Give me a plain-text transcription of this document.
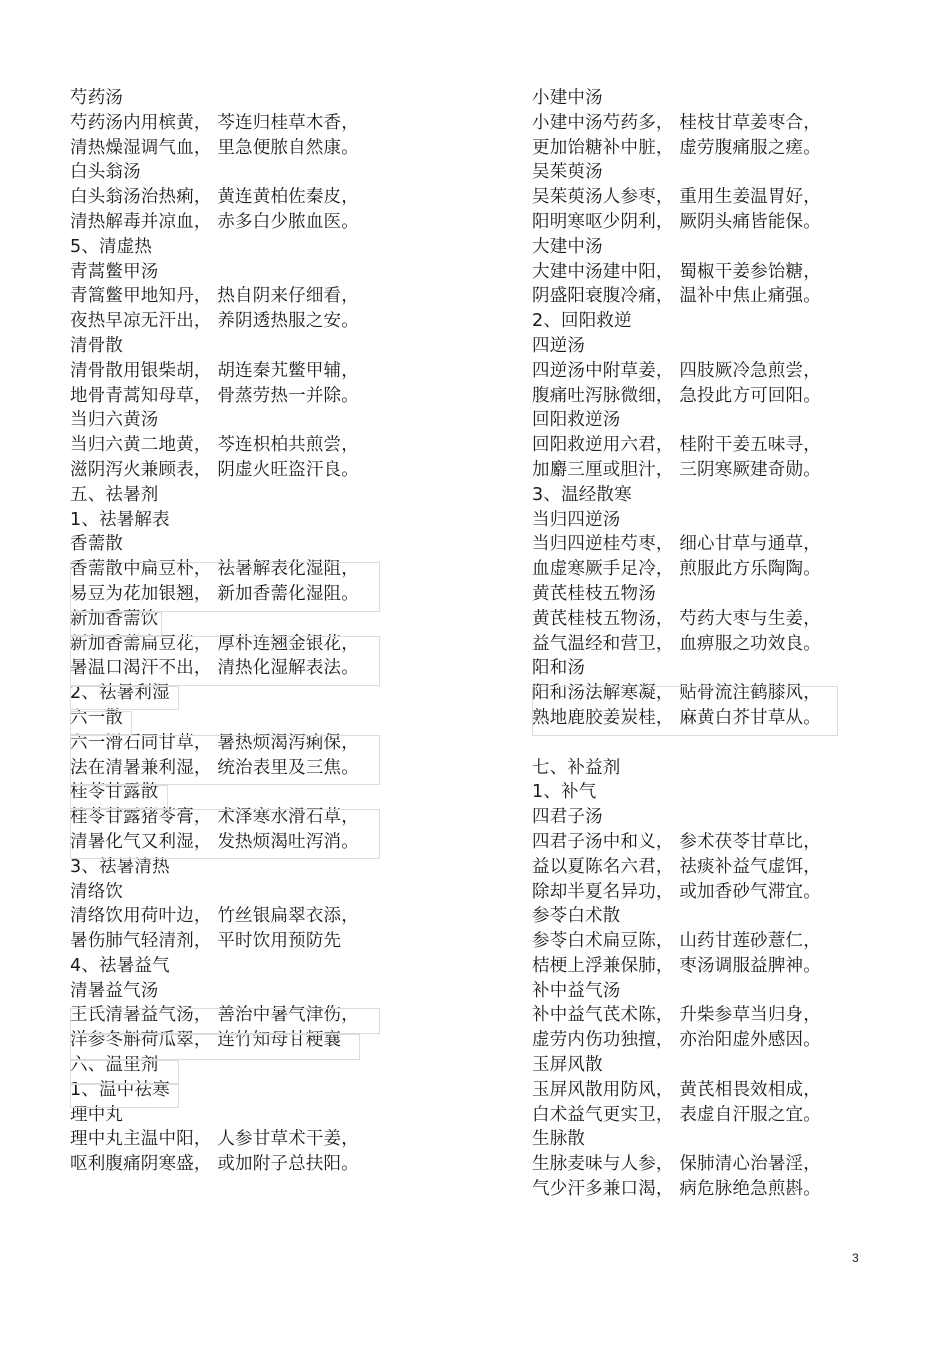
芍药汤
芍药汤内用槟黄， 芩连归桂草木香，
清热燥湿调气血， 里急便脓自然康。
白头翁汤
白头翁汤治热痢， 黄连黄柏佐秦皮，
清热解毒并凉血， 赤多白少脓血医。
5、清虚热
青蒿鳖甲汤
青篙鳖甲地知丹， 热自阴来仔细看，
夜热早凉无汗出， 养阴透热服之安。
清骨散
清骨散用银柴胡， 胡连秦艽鳖甲辅，
地骨青蒿知母草， 骨蒸劳热一并除。
当归六黄汤
当归六黄二地黄， 芩连枳柏共煎尝，
滋阴泻火兼顾表， 阴虚火旺盗汗良。
五、祛暑剂
1、祛暑解表
香薷散
香薷散中扁豆朴， 祛暑解表化湿阻，
易豆为花加银翘， 新加香薷化湿阻。
新加香薷饮
新加香薷扁豆花， 厚朴连翘金银花，
暑温口渴汗不出， 清热化湿解表法。
2、祛暑利湿
六一散
六一滑石同甘草， 暑热烦渴泻痢保，
法在清暑兼利湿， 统治表里及三焦。
桂苓甘露散
桂苓甘露猪苓膏， 术泽寒水滑石草，
清暑化气又利湿， 发热烦渴吐泻消。
3、祛暑清热
清络饮
清络饮用荷叶边， 竹丝银扁翠衣添，
暑伤肺气轻清剂， 平时饮用预防先
4、祛暑益气
清暑益气汤
王氏清暑益气汤， 善治中暑气津伤，
洋参冬斛荷瓜翠， 连竹知母甘粳襄
六、温里剂
1、温中祛寒
理中丸
理中丸主温中阳， 人参甘草术干姜，
呕利腹痛阴寒盛， 或加附子总扶阳。
小建中汤
小建中汤芍药多， 桂枝甘草姜枣合，
更加饴糖补中脏， 虚劳腹痛服之瘥。
吴茱萸汤
吴茱萸汤人参枣， 重用生姜温胃好，
阳明寒呕少阴利， 厥阴头痛皆能保。
大建中汤
大建中汤建中阳， 蜀椒干姜参饴糖，
阴盛阳衰腹冷痛， 温补中焦止痛强。
2、回阳救逆
四逆汤
四逆汤中附草姜， 四肢厥冷急煎尝，
腹痛吐泻脉微细， 急投此方可回阳。
回阳救逆汤
回阳救逆用六君， 桂附干姜五味寻，
加麝三厘或胆汁， 三阴寒厥建奇勋。
3、温经散寒
当归四逆汤
当归四逆桂芍枣， 细心甘草与通草，
血虚寒厥手足冷， 煎服此方乐陶陶。
黄芪桂枝五物汤
黄芪桂枝五物汤， 芍药大枣与生姜，
益气温经和营卫， 血痹服之功效良。
阳和汤
阳和汤法解寒凝， 贴骨流注鹤膝风，
熟地鹿胶姜炭桂， 麻黄白芥甘草从。
七、补益剂
1、补气
四君子汤
四君子汤中和义， 参术茯苓甘草比，
益以夏陈名六君， 祛痰补益气虚饵，
除却半夏名异功， 或加香砂气滞宜。
参苓白术散
参苓白术扁豆陈， 山药甘莲砂薏仁，
桔梗上浮兼保肺， 枣汤调服益脾神。
补中益气汤
补中益气芪术陈， 升柴参草当归身，
虚劳内伤功独擅， 亦治阳虚外感因。
玉屏风散
玉屏风散用防风， 黄芪相畏效相成，
白术益气更实卫， 表虚自汗服之宜。
生脉散
生脉麦味与人参， 保肺清心治暑淫，
气少汗多兼口渴， 病危脉绝急煎斟。
3
